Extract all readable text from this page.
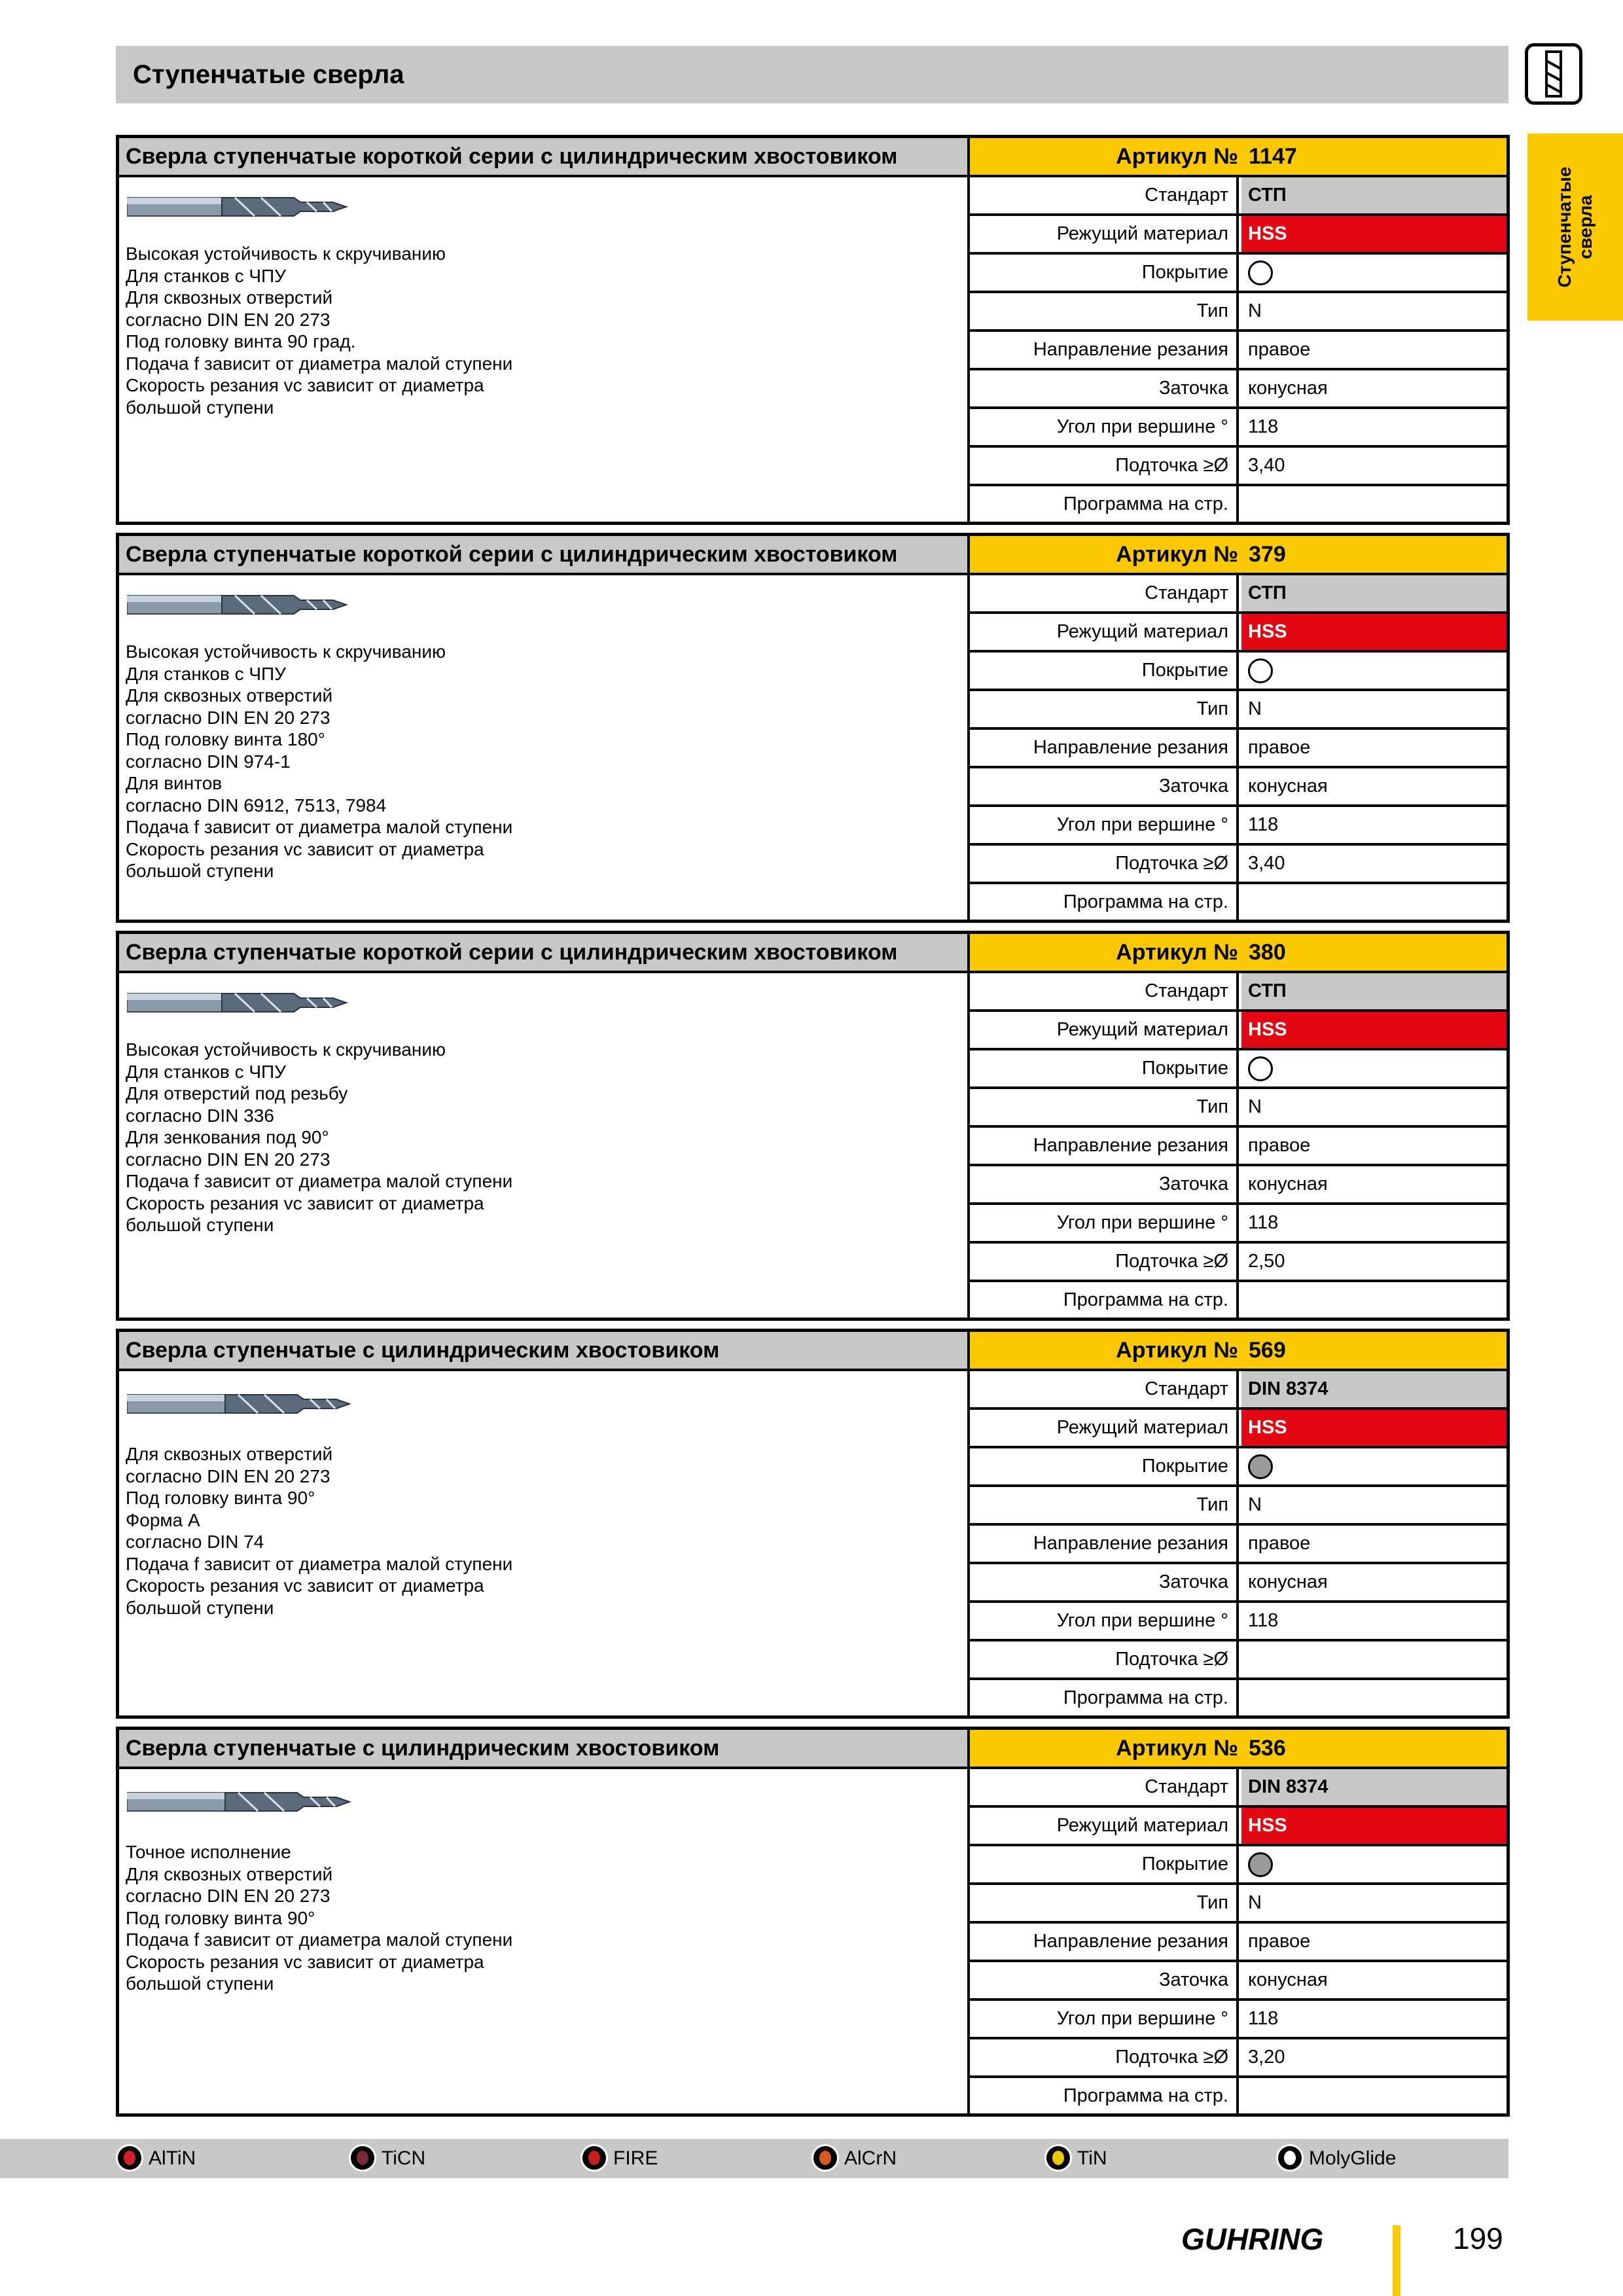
Ступенчатые сверла
Ступенчатые сверла
Сверла ступенчатые короткой серии с цилиндрическим хвостовиком	Артикул № 1147
Высокая устойчивость к скручиванию
Для станков с ЧПУ
Для сквозных отверстий
согласно DIN EN 20 273
Под головку винта 90 град.
Подача f зависит от диаметра малой ступени
Скорость резания vc зависит от диаметра
большой ступени
Стандарт	СТП
Режущий материал	HSS
Покрытие
Тип	N
Направление резания	правое
Заточка	конусная
Угол при вершине °	118
Подточка ≥Ø	3,40
Программа на стр.
Сверла ступенчатые короткой серии с цилиндрическим хвостовиком	Артикул № 379
Высокая устойчивость к скручиванию
Для станков с ЧПУ
Для сквозных отверстий
согласно DIN EN 20 273
Под головку винта 180°
согласно DIN 974-1
Для винтов
согласно DIN 6912, 7513, 7984
Подача f зависит от диаметра малой ступени
Скорость резания vc зависит от диаметра
большой ступени
Стандарт	СТП
Режущий материал	HSS
Покрытие
Тип	N
Направление резания	правое
Заточка	конусная
Угол при вершине °	118
Подточка ≥Ø	3,40
Программа на стр.
Сверла ступенчатые короткой серии с цилиндрическим хвостовиком	Артикул № 380
Высокая устойчивость к скручиванию
Для станков с ЧПУ
Для отверстий под резьбу
согласно DIN 336
Для зенкования под 90°
согласно DIN EN 20 273
Подача f зависит от диаметра малой ступени
Скорость резания vc зависит от диаметра
большой ступени
Стандарт	СТП
Режущий материал	HSS
Покрытие
Тип	N
Направление резания	правое
Заточка	конусная
Угол при вершине °	118
Подточка ≥Ø	2,50
Программа на стр.
Сверла ступенчатые с цилиндрическим хвостовиком	Артикул № 569
Для сквозных отверстий
согласно DIN EN 20 273
Под головку винта 90°
Форма А
согласно DIN 74
Подача f зависит от диаметра малой ступени
Скорость резания vc зависит от диаметра
большой ступени
Стандарт	DIN 8374
Режущий материал	HSS
Покрытие
Тип	N
Направление резания	правое
Заточка	конусная
Угол при вершине °	118
Подточка ≥Ø
Программа на стр.
Сверла ступенчатые с цилиндрическим хвостовиком	Артикул № 536
Точное исполнение
Для сквозных отверстий
согласно DIN EN 20 273
Под головку винта 90°
Подача f зависит от диаметра малой ступени
Скорость резания vc зависит от диаметра
большой ступени
Стандарт	DIN 8374
Режущий материал	HSS
Покрытие
Тип	N
Направление резания	правое
Заточка	конусная
Угол при вершине °	118
Подточка ≥Ø	3,20
Программа на стр.
AlTiN	TiCN	FIRE	AlCrN	TiN	MolyGlide
GUHRING	199
